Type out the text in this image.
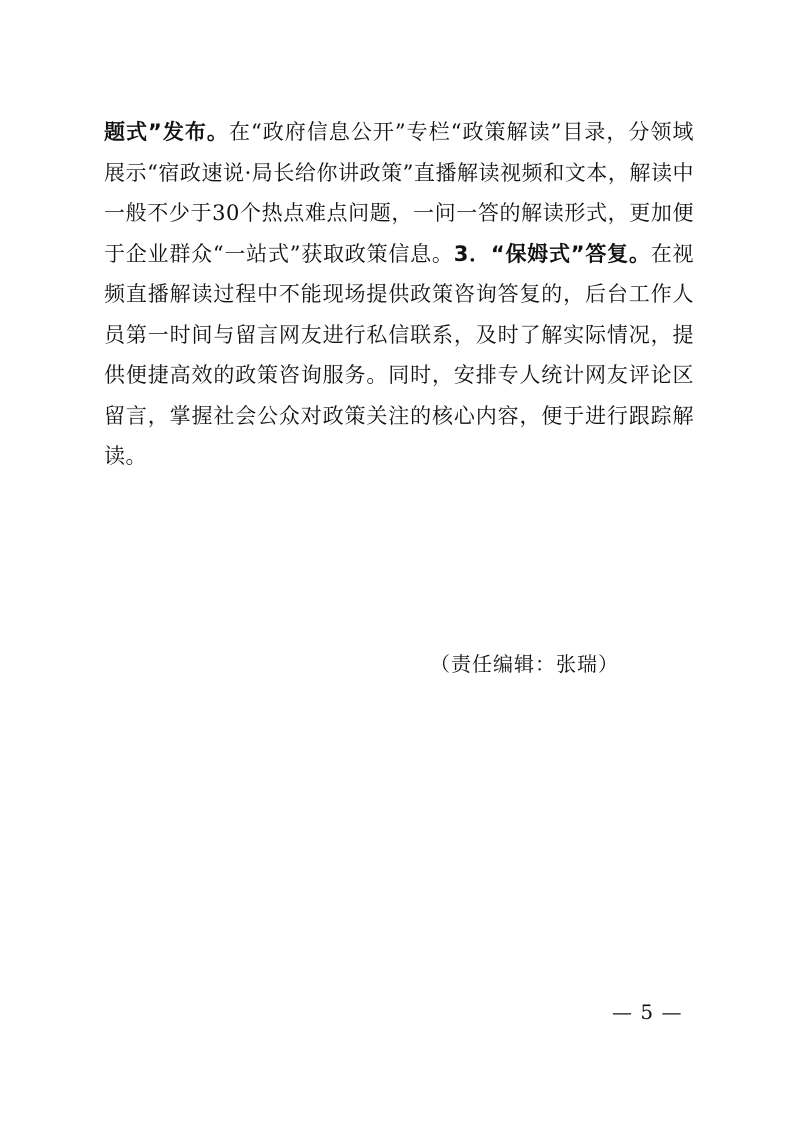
题式”发布。在“政府信息公开”专栏“政策解读”目录，分领域展示“宿政速说·局长给你讲政策”直播解读视频和文本，解读中一般不少于30个热点难点问题，一问一答的解读形式，更加便于企业群众“一站式”获取政策信息。3．“保姆式”答复。在视频直播解读过程中不能现场提供政策咨询答复的，后台工作人员第一时间与留言网友进行私信联系，及时了解实际情况，提供便捷高效的政策咨询服务。同时，安排专人统计网友评论区留言，掌握社会公众对政策关注的核心内容，便于进行跟踪解读。

（责任编辑：张瑞）

— 5 —
